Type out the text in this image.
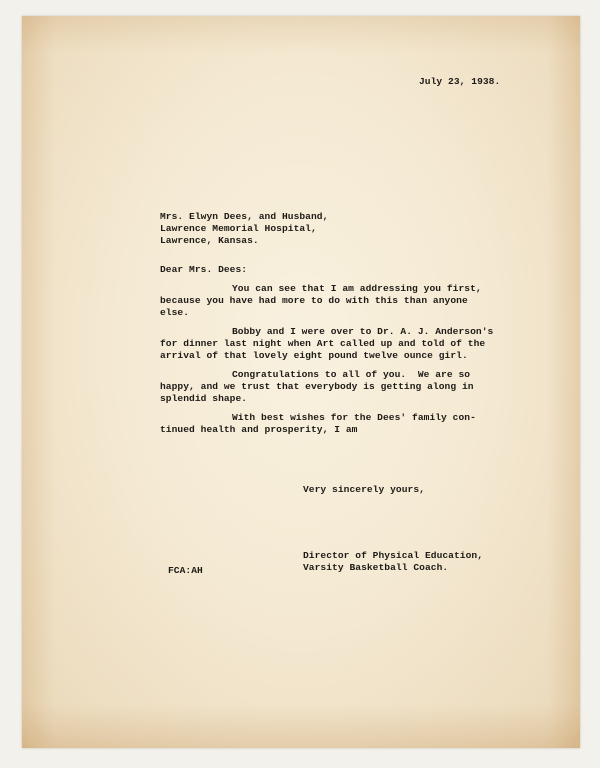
July 23, 1938.

Mrs. Elwyn Dees, and Husband,

Lawrence Memorial Hospital,

Lawrence, Kansas.

Dear Mrs. Dees:

You can see that I am addressing you first,

because you have had more to do with this than anyone

else.

Bobby and I were over to Dr. A. J. Anderson's

for dinner last night when Art called up and told of the

arrival of that lovely eight pound twelve ounce girl.

Congratulations to all of you.  We are so

happy, and we trust that everybody is getting along in

splendid shape.

With best wishes for the Dees' family con-

tinued health and prosperity, I am

Very sincerely yours,

Director of Physical Education,

Varsity Basketball Coach.

FCA:AH
